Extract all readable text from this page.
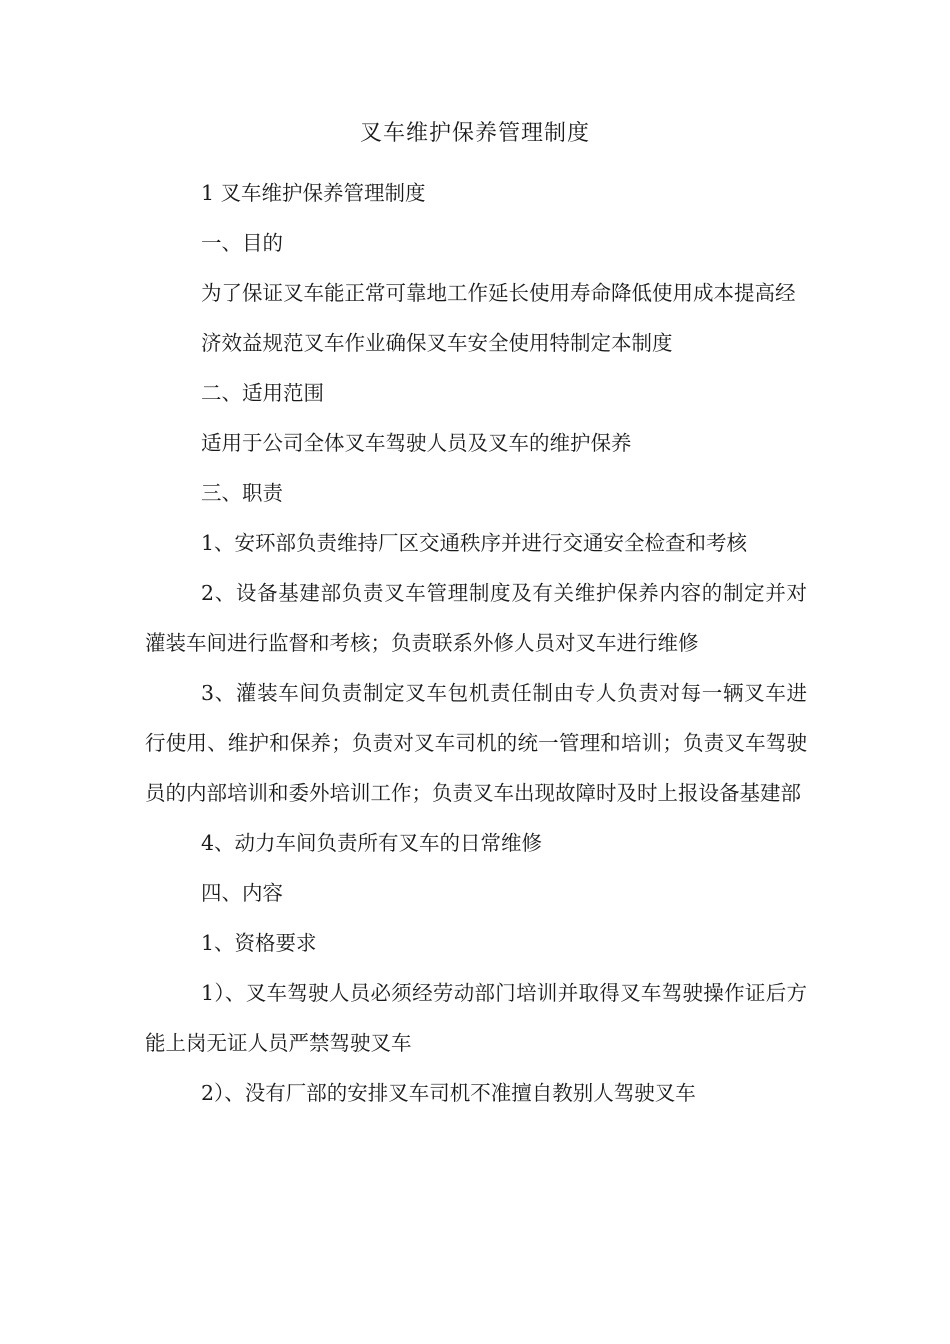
叉车维护保养管理制度

1 叉车维护保养管理制度

一、目的

为了保证叉车能正常可靠地工作延长使用寿命降低使用成本提高经

济效益规范叉车作业确保叉车安全使用特制定本制度

二、适用范围

适用于公司全体叉车驾驶人员及叉车的维护保养

三、职责

1、安环部负责维持厂区交通秩序并进行交通安全检查和考核

2、设备基建部负责叉车管理制度及有关维护保养内容的制定并对灌装车间进行监督和考核；负责联系外修人员对叉车进行维修

3、灌装车间负责制定叉车包机责任制由专人负责对每一辆叉车进行使用、维护和保养；负责对叉车司机的统一管理和培训；负责叉车驾驶员的内部培训和委外培训工作；负责叉车出现故障时及时上报设备基建部

4、动力车间负责所有叉车的日常维修

四、内容

1、资格要求

1）、叉车驾驶人员必须经劳动部门培训并取得叉车驾驶操作证后方能上岗无证人员严禁驾驶叉车

2）、没有厂部的安排叉车司机不准擅自教别人驾驶叉车
